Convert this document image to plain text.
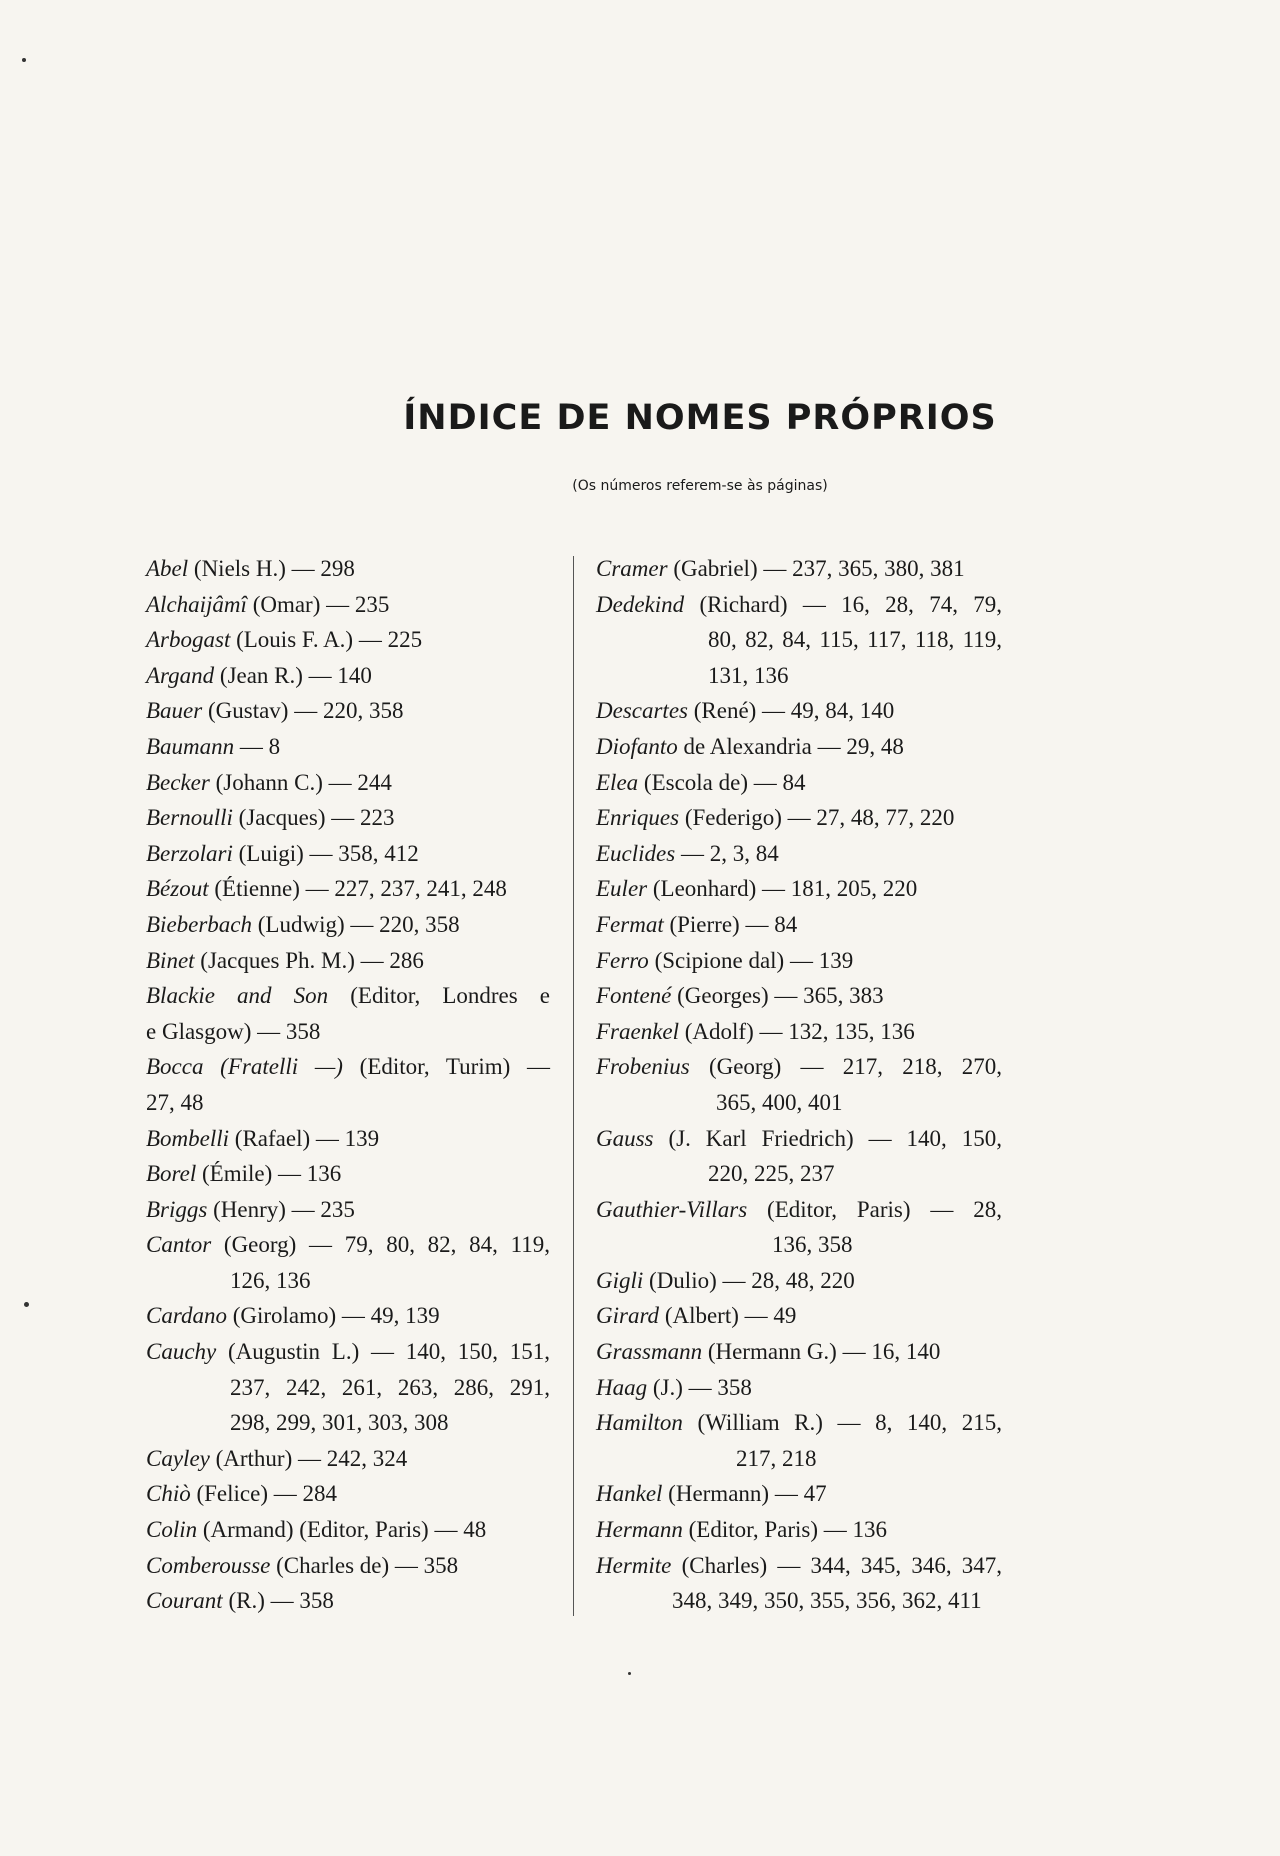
ÍNDICE DE NOMES PRÓPRIOS
(Os números referem-se às páginas)
Abel (Niels H.) — 298
Alchaijâmî (Omar) — 235
Arbogast (Louis F. A.) — 225
Argand (Jean R.) — 140
Bauer (Gustav) — 220, 358
Baumann — 8
Becker (Johann C.) — 244
Bernoulli (Jacques) — 223
Berzolari (Luigi) — 358, 412
Bézout (Étienne) — 227, 237, 241, 248
Bieberbach (Ludwig) — 220, 358
Binet (Jacques Ph. M.) — 286
Blackie and Son (Editor, Londres e
e Glasgow) — 358
Bocca (Fratelli —) (Editor, Turim) —
27, 48
Bombelli (Rafael) — 139
Borel (Émile) — 136
Briggs (Henry) — 235
Cantor (Georg) — 79, 80, 82, 84, 119,
126, 136
Cardano (Girolamo) — 49, 139
Cauchy (Augustin L.) — 140, 150, 151,
237, 242, 261, 263, 286, 291,
298, 299, 301, 303, 308
Cayley (Arthur) — 242, 324
Chiò (Felice) — 284
Colin (Armand) (Editor, Paris) — 48
Comberousse (Charles de) — 358
Courant (R.) — 358
Cramer (Gabriel) — 237, 365, 380, 381
Dedekind (Richard) — 16, 28, 74, 79,
80, 82, 84, 115, 117, 118, 119,
131, 136
Descartes (René) — 49, 84, 140
Diofanto de Alexandria — 29, 48
Elea (Escola de) — 84
Enriques (Federigo) — 27, 48, 77, 220
Euclides — 2, 3, 84
Euler (Leonhard) — 181, 205, 220
Fermat (Pierre) — 84
Ferro (Scipione dal) — 139
Fontené (Georges) — 365, 383
Fraenkel (Adolf) — 132, 135, 136
Frobenius (Georg) — 217, 218, 270,
365, 400, 401
Gauss (J. Karl Friedrich) — 140, 150,
220, 225, 237
Gauthier-Villars (Editor, Paris) — 28,
136, 358
Gigli (Dulio) — 28, 48, 220
Girard (Albert) — 49
Grassmann (Hermann G.) — 16, 140
Haag (J.) — 358
Hamilton (William R.) — 8, 140, 215,
217, 218
Hankel (Hermann) — 47
Hermann (Editor, Paris) — 136
Hermite (Charles) — 344, 345, 346, 347,
348, 349, 350, 355, 356, 362, 411
